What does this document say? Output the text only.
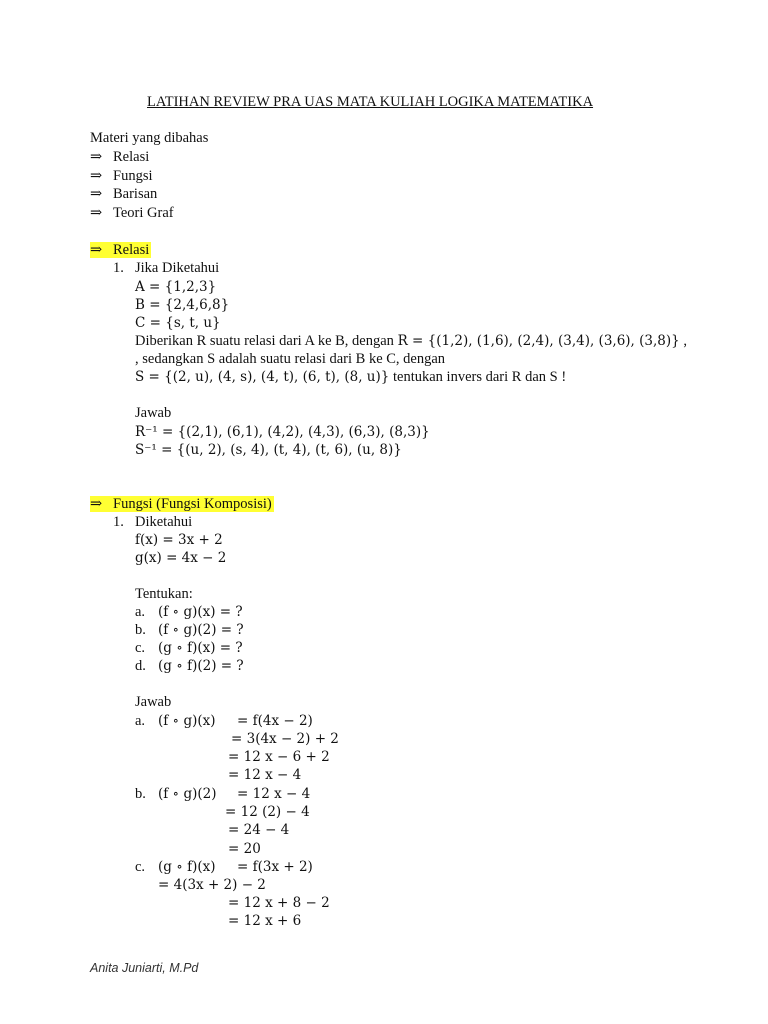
LATIHAN REVIEW PRA UAS MATA KULIAH LOGIKA MATEMATIKA
Materi yang dibahas
⇒ Relasi
⇒ Fungsi
⇒ Barisan
⇒ Teori Graf
⇒ Relasi
1. Jika Diketahui
A = {1,2,3}
B = {2,4,6,8}
C = {s, t, u}
Diberikan R suatu relasi dari A ke B, dengan R = {(1,2), (1,6), (2,4), (3,4), (3,6), (3,8)} ,
, sedangkan S adalah suatu relasi dari B ke C, dengan
S = {(2, u), (4, s), (4, t), (6, t), (8, u)} tentukan invers dari R dan S !
Jawab
R⁻¹ = {(2,1), (6,1), (4,2), (4,3), (6,3), (8,3)}
S⁻¹ = {(u, 2), (s, 4), (t, 4), (t, 6), (u, 8)}
⇒ Fungsi (Fungsi Komposisi)
1. Diketahui
f(x) = 3x + 2
g(x) = 4x − 2
Tentukan:
a. (f ∘ g)(x) = ?
b. (f ∘ g)(2) = ?
c. (g ∘ f)(x) = ?
d. (g ∘ f)(2) = ?
Jawab
a. (f ∘ g)(x) = f(4x − 2)
= 3(4x − 2) + 2
= 12 x − 6 + 2
= 12 x − 4
b. (f ∘ g)(2) = 12 x − 4
= 12 (2) − 4
= 24 − 4
= 20
c. (g ∘ f)(x) = f(3x + 2)
= 4(3x + 2) − 2
= 12 x + 8 − 2
= 12 x + 6
Anita Juniarti, M.Pd
